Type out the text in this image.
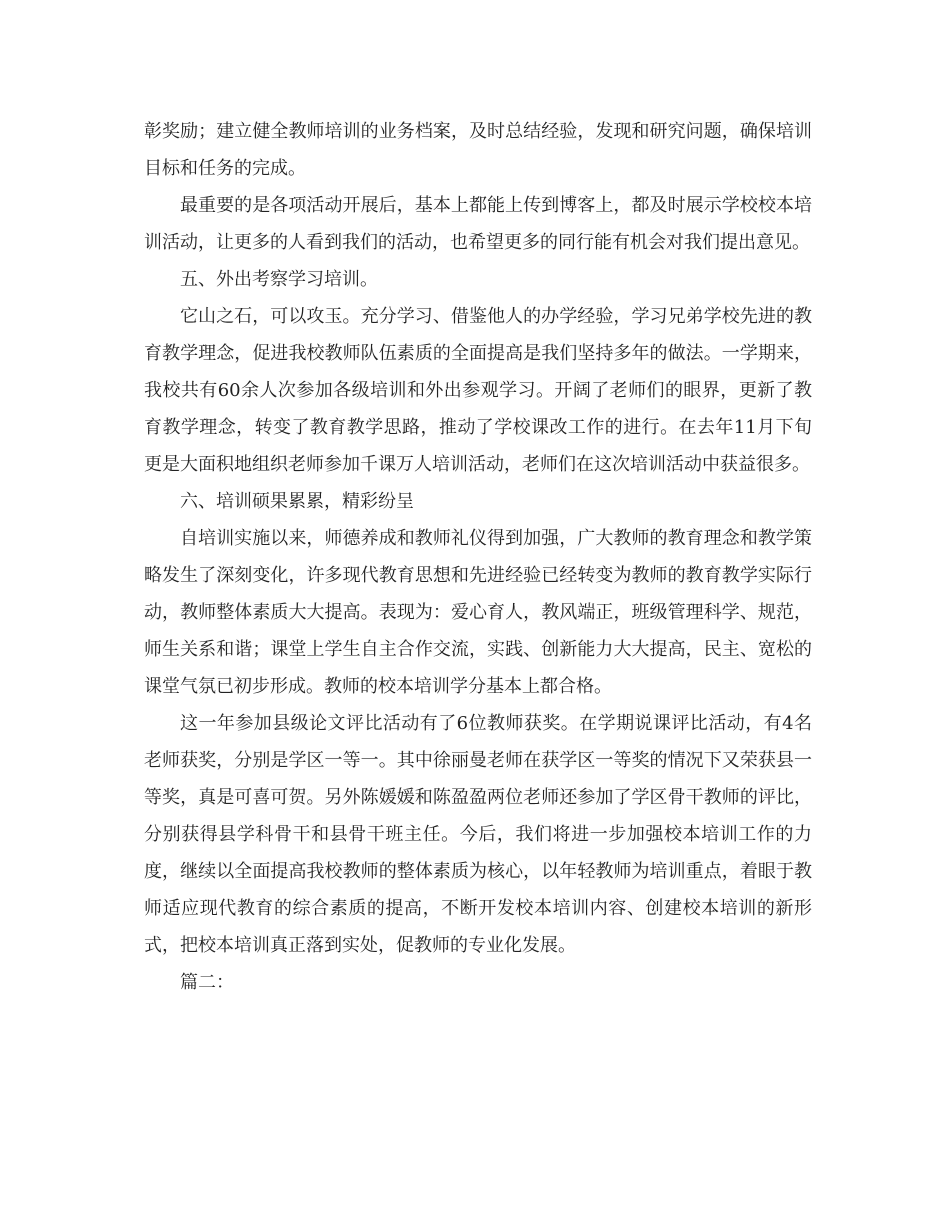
彰奖励；建立健全教师培训的业务档案，及时总结经验，发现和研究问题，确保培训目标和任务的完成。

最重要的是各项活动开展后，基本上都能上传到博客上，都及时展示学校校本培训活动，让更多的人看到我们的活动，也希望更多的同行能有机会对我们提出意见。

五、外出考察学习培训。

它山之石，可以攻玉。充分学习、借鉴他人的办学经验，学习兄弟学校先进的教育教学理念，促进我校教师队伍素质的全面提高是我们坚持多年的做法。一学期来，我校共有60余人次参加各级培训和外出参观学习。开阔了老师们的眼界，更新了教育教学理念，转变了教育教学思路，推动了学校课改工作的进行。在去年11月下旬更是大面积地组织老师参加千课万人培训活动，老师们在这次培训活动中获益很多。

六、培训硕果累累，精彩纷呈

自培训实施以来，师德养成和教师礼仪得到加强，广大教师的教育理念和教学策略发生了深刻变化，许多现代教育思想和先进经验已经转变为教师的教育教学实际行动，教师整体素质大大提高。表现为：爱心育人，教风端正，班级管理科学、规范，师生关系和谐；课堂上学生自主合作交流，实践、创新能力大大提高，民主、宽松的课堂气氛已初步形成。教师的校本培训学分基本上都合格。

这一年参加县级论文评比活动有了6位教师获奖。在学期说课评比活动，有4名老师获奖，分别是学区一等一。其中徐丽曼老师在获学区一等奖的情况下又荣获县一等奖，真是可喜可贺。另外陈媛媛和陈盈盈两位老师还参加了学区骨干教师的评比，分别获得县学科骨干和县骨干班主任。今后，我们将进一步加强校本培训工作的力度，继续以全面提高我校教师的整体素质为核心，以年轻教师为培训重点，着眼于教师适应现代教育的综合素质的提高，不断开发校本培训内容、创建校本培训的新形式，把校本培训真正落到实处，促教师的专业化发展。

篇二：
